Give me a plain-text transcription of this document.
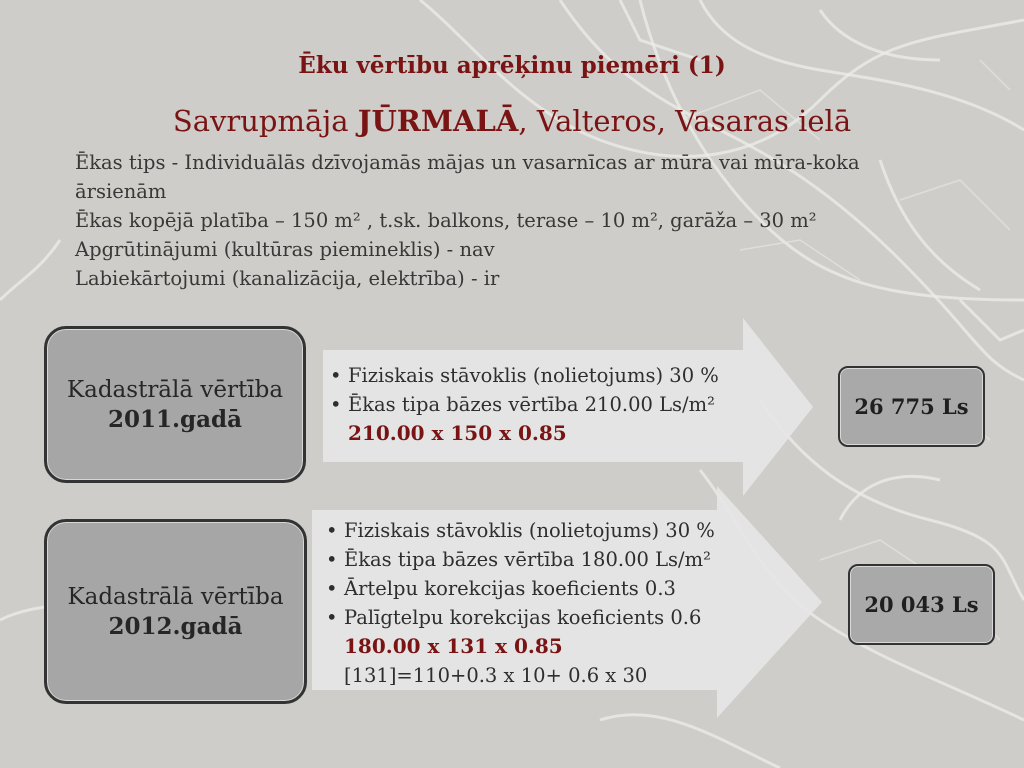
Ēku vērtību aprēķinu piemēri (1)
Savrupmāja JŪRMALĀ, Valteros, Vasaras ielā
Ēkas tips - Individuālās dzīvojamās mājas un vasarnīcas ar mūra vai mūra-koka
ārsienām
Ēkas kopējā platība – 150 m² , t.sk. balkons, terase – 10 m², garāža – 30 m²
Apgrūtinājumi (kultūras piemineklis) - nav
Labiekārtojumi (kanalizācija, elektrība) - ir
Kadastrālā vērtība
2011.gadā
• Fiziskais stāvoklis (nolietojums) 30 %
• Ēkas tipa bāzes vērtība 210.00 Ls/m²
210.00 x 150 x 0.85
26 775 Ls
Kadastrālā vērtība
2012.gadā
• Fiziskais stāvoklis (nolietojums) 30 %
• Ēkas tipa bāzes vērtība 180.00 Ls/m²
• Ārtelpu korekcijas koeficients 0.3
• Palīgtelpu korekcijas koeficients 0.6
180.00 x 131 x 0.85
[131]=110+0.3 x 10+ 0.6 x 30
20 043 Ls
